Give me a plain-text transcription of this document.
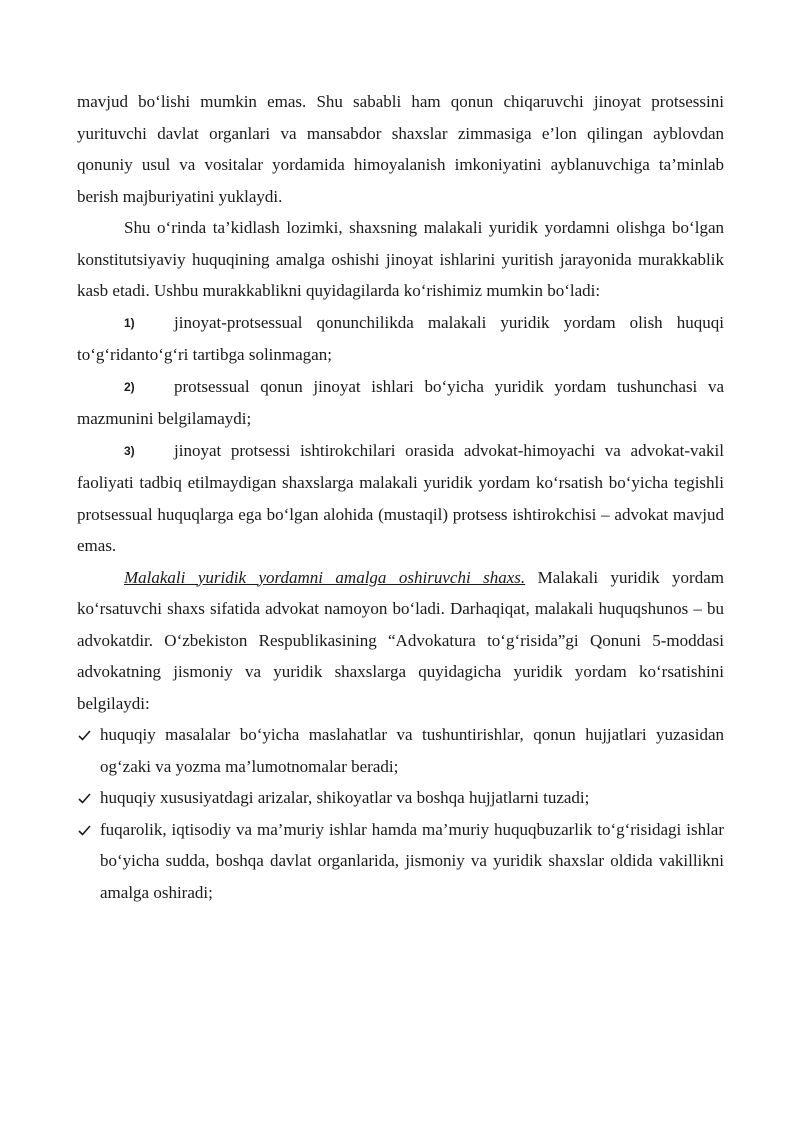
mavjud bo‘lishi mumkin emas. Shu sababli ham qonun chiqaruvchi jinoyat protsessini yurituvchi davlat organlari va mansabdor shaxslar zimmasiga e’lon qilingan ayblovdan qonuniy usul va vositalar yordamida himoyalanish imkoniyatini ayblanuvchiga ta’minlab berish majburiyatini yuklaydi.

Shu o‘rinda ta’kidlash lozimki, shaxsning malakali yuridik yordamni olishga bo‘lgan konstitutsiyaviy huquqining amalga oshishi jinoyat ishlarini yuritish jarayonida murakkablik kasb etadi. Ushbu murakkablikni quyidagilarda ko‘rishimiz mumkin bo‘ladi:

1) jinoyat-protsessual qonunchilikda malakali yuridik yordam olish huquqi to‘g‘ridanto‘g‘ri tartibga solinmagan;

2) protsessual qonun jinoyat ishlari bo‘yicha yuridik yordam tushunchasi va mazmunini belgilamaydi;

3) jinoyat protsessi ishtirokchilari orasida advokat-himoyachi va advokat-vakil faoliyati tadbiq etilmaydigan shaxslarga malakali yuridik yordam ko‘rsatish bo‘yicha tegishli protsessual huquqlarga ega bo‘lgan alohida (mustaqil) protsess ishtirokchisi – advokat mavjud emas.

Malakali yuridik yordamni amalga oshiruvchi shaxs. Malakali yuridik yordam ko‘rsatuvchi shaxs sifatida advokat namoyon bo‘ladi. Darhaqiqat, malakali huquqshunos – bu advokatdir. O‘zbekiston Respublikasining “Advokatura to‘g‘risida”gi Qonuni 5-moddasi advokatning jismoniy va yuridik shaxslarga quyidagicha yuridik yordam ko‘rsatishini belgilaydi:

huquqiy masalalar bo‘yicha maslahatlar va tushuntirishlar, qonun hujjatlari yuzasidan og‘zaki va yozma ma’lumotnomalar beradi;
huquqiy xususiyatdagi arizalar, shikoyatlar va boshqa hujjatlarni tuzadi;
fuqarolik, iqtisodiy va ma’muriy ishlar hamda ma’muriy huquqbuzarlik to‘g‘risidagi ishlar bo‘yicha sudda, boshqa davlat organlarida, jismoniy va yuridik shaxslar oldida vakillikni amalga oshiradi;
